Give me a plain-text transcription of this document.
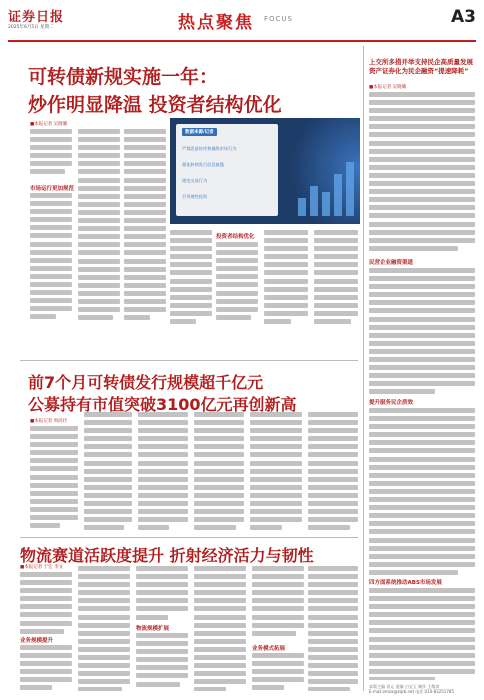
证券日报
2025年6月5日 星期二	热点聚焦 FOCUS	A3
可转债新规实施一年：
炒作明显降温 投资者结构优化
■本报记者 吴晓璐
市场运行更加规范
数据来源/记者
严禁恶意炒作和操纵市场行为
强化转债发行信息披露
规范交易行为
引导理性投资
投资者结构优化
前7个月可转债发行规模超千亿元
公募持有市值突破3100亿元再创新高
■本报记者 周尚伃
物流赛道活跃度提升 折射经济活力与韧性
■本报记者 于宏 李文
业务规模提升
物流规模扩展
业务模式拓展
上交所多措并举支持民企高质量发展资产证券化为民企融资“提速降耗”
■本报记者 吴晓璐
民营企业融资渠道
提升服务民企质效
四方面系统推动ABS市场发展
本版主编 袁元 责编 白宝玉 制作 王敬涛
E-mail:zmzx@zqrb.net 电话 010-83251785
